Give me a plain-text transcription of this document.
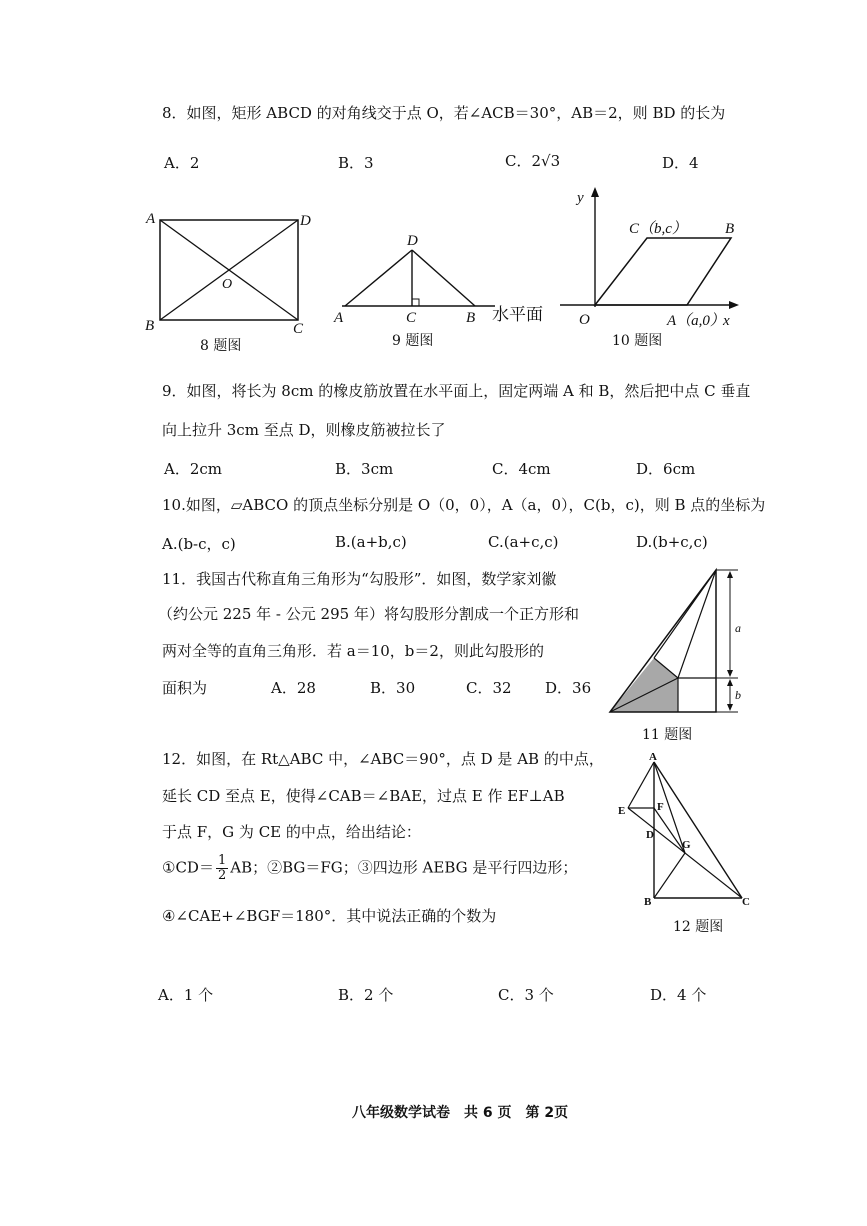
8．如图，矩形 ABCD 的对角线交于点 O，若∠ACB＝30°，AB＝2，则 BD 的长为
A．2	B．3	C．2√3	D．4
A	D
B	C
O
8 题图
D
A	C	B 水平面
9 题图
y
O	x
C（b,c）	B
A（a,0）
10 题图
9．如图，将长为 8cm 的橡皮筋放置在水平面上，固定两端 A 和 B，然后把中点 C 垂直
向上拉升 3cm 至点 D，则橡皮筋被拉长了
A．2cm	B．3cm	C．4cm	D．6cm
10.如图，▱ABCO 的顶点坐标分别是 O（0，0），A（a，0），C(b，c)，则 B 点的坐标为
A.(b-c，c)	B.(a+b,c)	C.(a+c,c)	D.(b+c,c)
11．我国古代称直角三角形为“勾股形”．如图，数学家刘徽
（约公元 225 年 - 公元 295 年）将勾股形分割成一个正方形和
两对全等的直角三角形．若 a＝10，b＝2，则此勾股形的
面积为	A．28	B．30	C．32 D．36
a
b
11 题图
12．如图，在 Rt△ABC 中，∠ABC＝90°，点 D 是 AB 的中点，
延长 CD 至点 E，使得∠CAB＝∠BAE，过点 E 作 EF⊥AB
于点 F，G 为 CE 的中点，给出结论：
①CD＝ $\frac{1}{2}$ AB；②BG＝FG；③四边形 AEBG 是平行四边形；
④∠CAE+∠BGF＝180°．其中说法正确的个数为
A．1 个	B．2 个	C．3 个	D．4 个
A
E	F
D
G
B	C
12 题图
八年级数学试卷　共 6 页　第 2页
